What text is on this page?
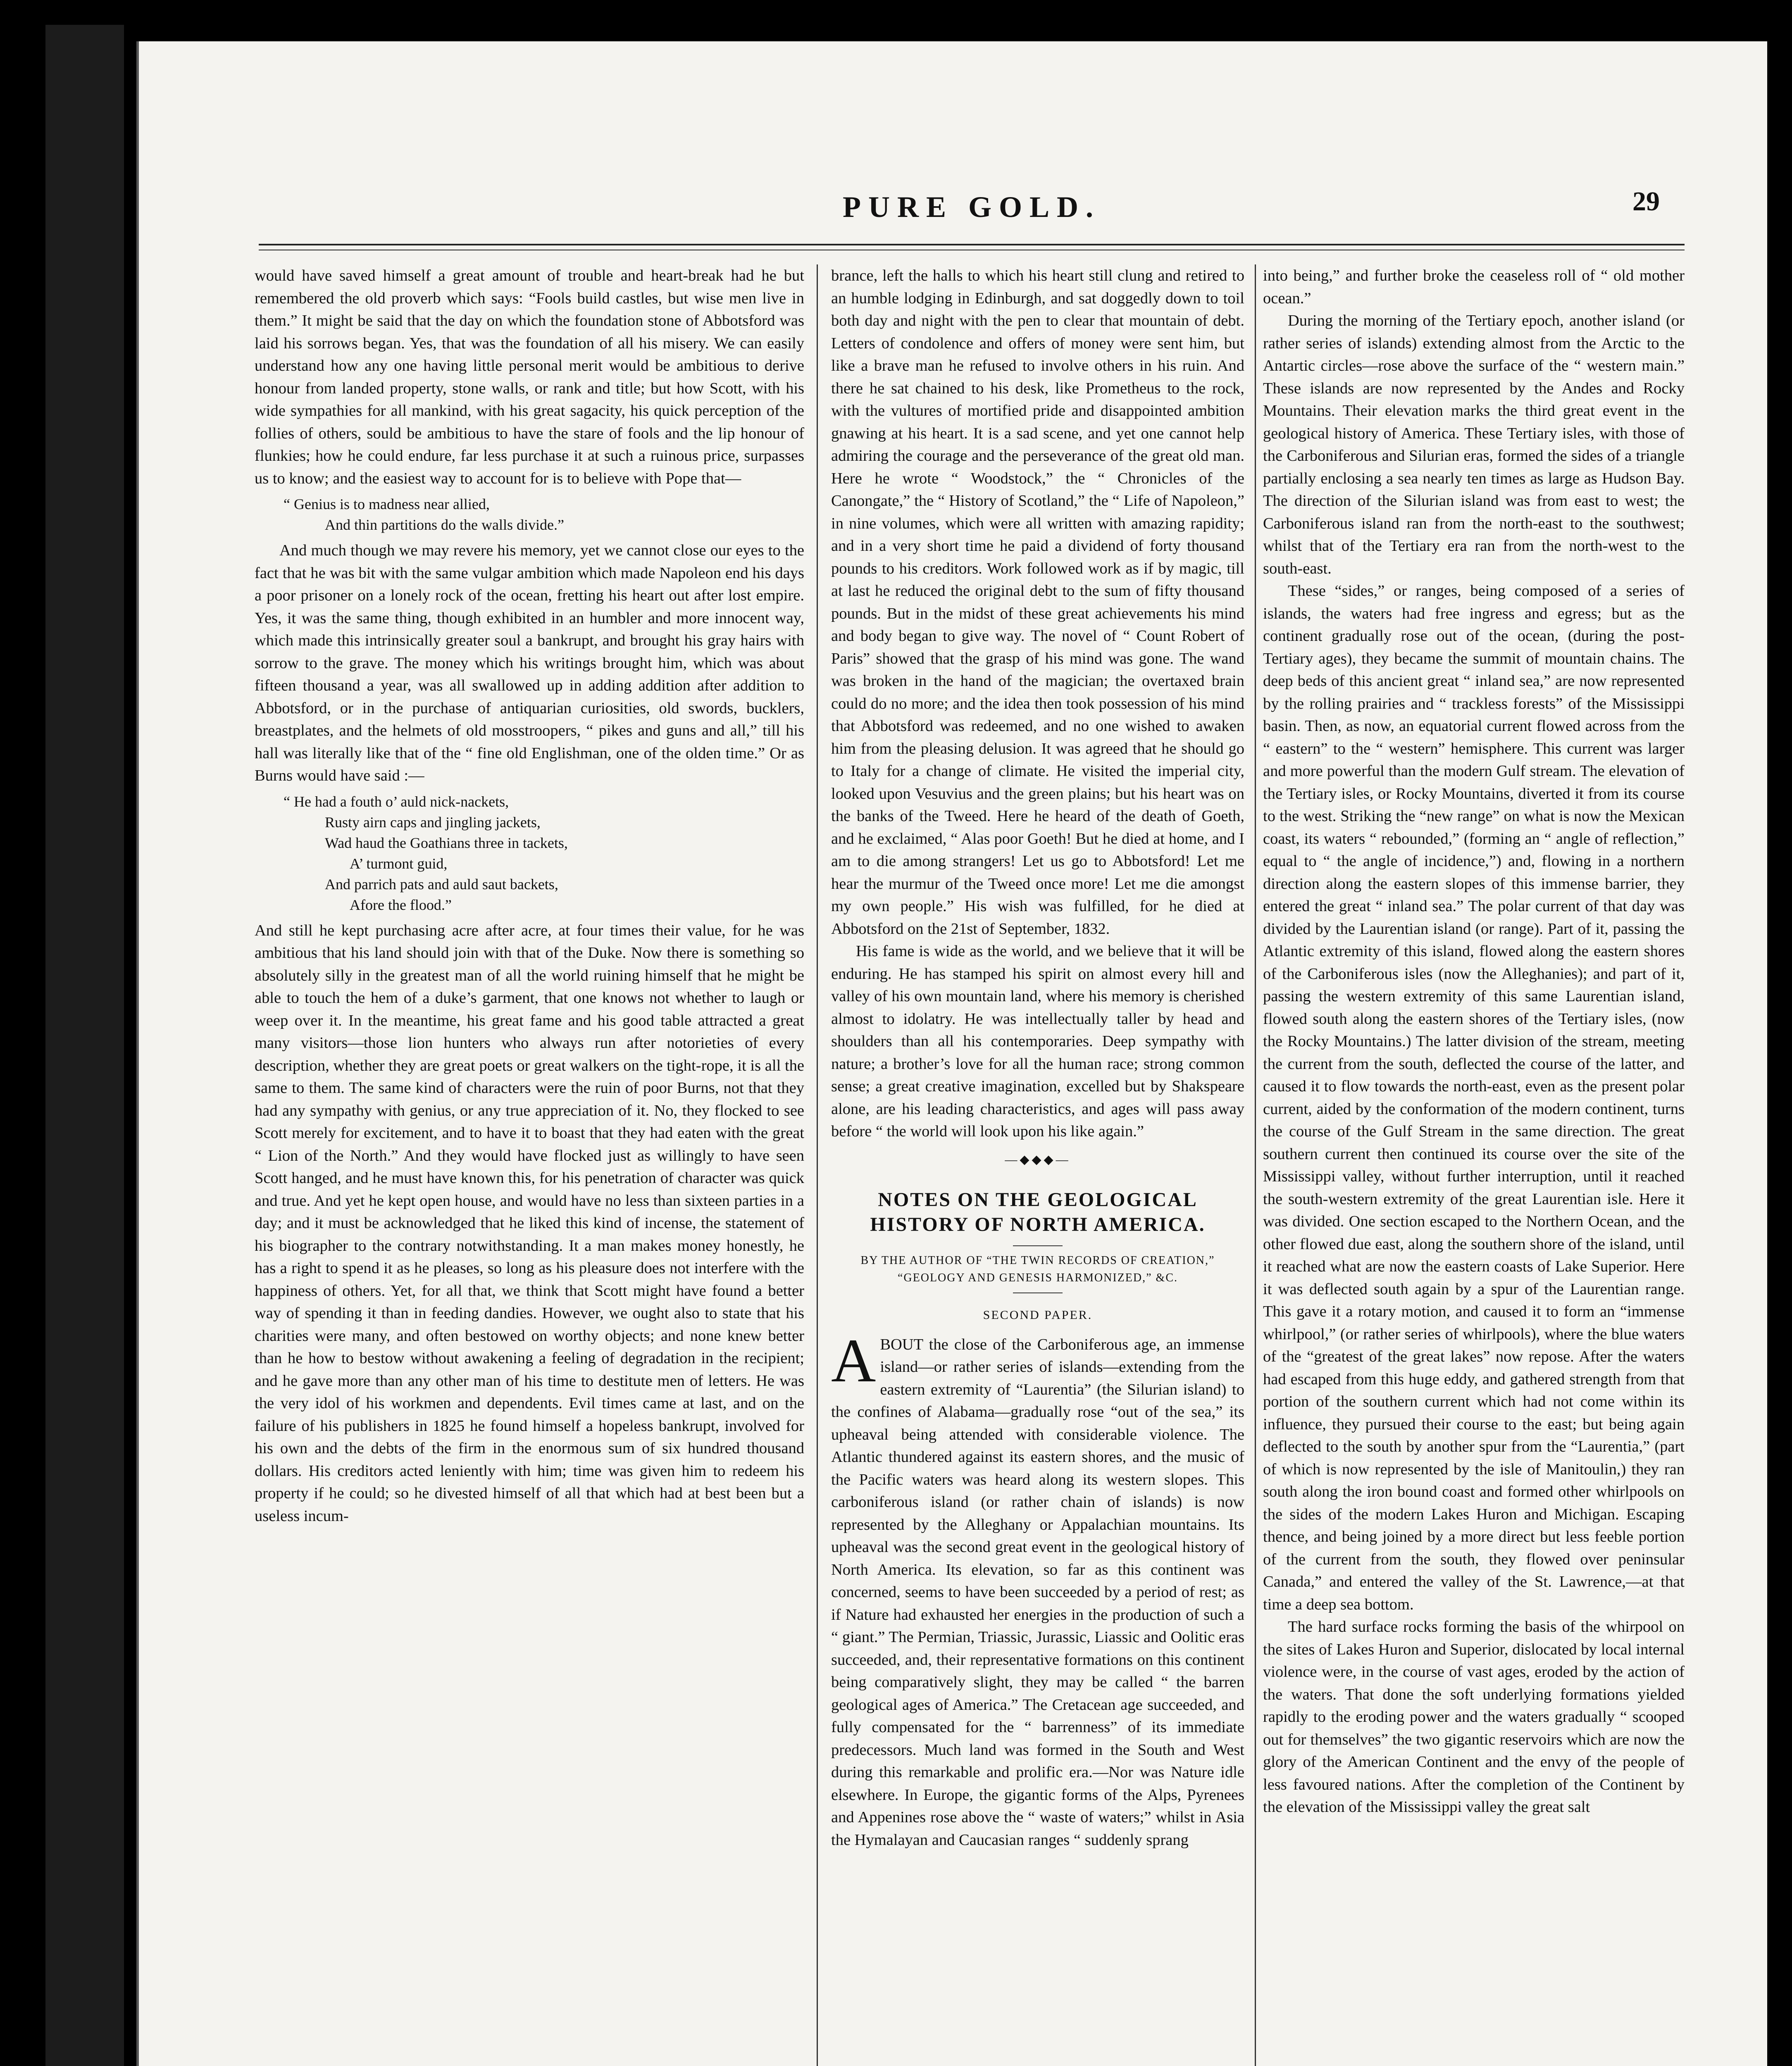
PURE GOLD.	29

would have saved himself a great amount of trouble and heart-break had he but remembered the old proverb which says: “Fools build castles, but wise men live in them.” It might be said that the day on which the foundation stone of Abbotsford was laid his sorrows began. Yes, that was the foundation of all his misery. We can easily understand how any one having little personal merit would be ambitious to derive honour from landed property, stone walls, or rank and title; but how Scott, with his wide sympathies for all mankind, with his great sagacity, his quick perception of the follies of others, sould be ambitious to have the stare of fools and the lip honour of flunkies; how he could endure, far less purchase it at such a ruinous price, surpasses us to know; and the easiest way to account for is to believe with Pope that—

“ Genius is to madness near allied,
And thin partitions do the walls divide.”

And much though we may revere his memory, yet we cannot close our eyes to the fact that he was bit with the same vulgar ambition which made Napoleon end his days a poor prisoner on a lonely rock of the ocean, fretting his heart out after lost empire. Yes, it was the same thing, though exhibited in an humbler and more innocent way, which made this intrinsically greater soul a bankrupt, and brought his gray hairs with sorrow to the grave. The money which his writings brought him, which was about fifteen thousand a year, was all swallowed up in adding addition after addition to Abbotsford, or in the purchase of antiquarian curiosities, old swords, bucklers, breastplates, and the helmets of old mosstroopers, “ pikes and guns and all,” till his hall was literally like that of the “ fine old Englishman, one of the olden time.” Or as Burns would have said :—

“ He had a fouth o’ auld nick-nackets,
Rusty airn caps and jingling jackets,
Wad haud the Goathians three in tackets,
A’ turmont guid,
And parrich pats and auld saut backets,
Afore the flood.”

And still he kept purchasing acre after acre, at four times their value, for he was ambitious that his land should join with that of the Duke. Now there is something so absolutely silly in the greatest man of all the world ruining himself that he might be able to touch the hem of a duke’s garment, that one knows not whether to laugh or weep over it. In the meantime, his great fame and his good table attracted a great many visitors—those lion hunters who always run after notorieties of every description, whether they are great poets or great walkers on the tight-rope, it is all the same to them. The same kind of characters were the ruin of poor Burns, not that they had any sympathy with genius, or any true appreciation of it. No, they flocked to see Scott merely for excitement, and to have it to boast that they had eaten with the great “ Lion of the North.” And they would have flocked just as willingly to have seen Scott hanged, and he must have known this, for his penetration of character was quick and true. And yet he kept open house, and would have no less than sixteen parties in a day; and it must be acknowledged that he liked this kind of incense, the statement of his biographer to the contrary notwithstanding. It a man makes money honestly, he has a right to spend it as he pleases, so long as his pleasure does not interfere with the happiness of others. Yet, for all that, we think that Scott might have found a better way of spending it than in feeding dandies. However, we ought also to state that his charities were many, and often bestowed on worthy objects; and none knew better than he how to bestow without awakening a feeling of degradation in the recipient; and he gave more than any other man of his time to destitute men of letters. He was the very idol of his workmen and dependents. Evil times came at last, and on the failure of his publishers in 1825 he found himself a hopeless bankrupt, involved for his own and the debts of the firm in the enormous sum of six hundred thousand dollars. His creditors acted leniently with him; time was given him to redeem his property if he could; so he divested himself of all that which had at best been but a useless incum-

brance, left the halls to which his heart still clung and retired to an humble lodging in Edinburgh, and sat doggedly down to toil both day and night with the pen to clear that mountain of debt. Letters of condolence and offers of money were sent him, but like a brave man he refused to involve others in his ruin. And there he sat chained to his desk, like Prometheus to the rock, with the vultures of mortified pride and disappointed ambition gnawing at his heart. It is a sad scene, and yet one cannot help admiring the courage and the perseverance of the great old man. Here he wrote “ Woodstock,” the “ Chronicles of the Canongate,” the “ History of Scotland,” the “ Life of Napoleon,” in nine volumes, which were all written with amazing rapidity; and in a very short time he paid a dividend of forty thousand pounds to his creditors. Work followed work as if by magic, till at last he reduced the original debt to the sum of fifty thousand pounds. But in the midst of these great achievements his mind and body began to give way. The novel of “ Count Robert of Paris” showed that the grasp of his mind was gone. The wand was broken in the hand of the magician; the overtaxed brain could do no more; and the idea then took possession of his mind that Abbotsford was redeemed, and no one wished to awaken him from the pleasing delusion. It was agreed that he should go to Italy for a change of climate. He visited the imperial city, looked upon Vesuvius and the green plains; but his heart was on the banks of the Tweed. Here he heard of the death of Goeth, and he exclaimed, “ Alas poor Goeth! But he died at home, and I am to die among strangers! Let us go to Abbotsford! Let me hear the murmur of the Tweed once more! Let me die amongst my own people.” His wish was fulfilled, for he died at Abbotsford on the 21st of September, 1832.

His fame is wide as the world, and we believe that it will be enduring. He has stamped his spirit on almost every hill and valley of his own mountain land, where his memory is cherished almost to idolatry. He was intellectually taller by head and shoulders than all his contemporaries. Deep sympathy with nature; a brother’s love for all the human race; strong common sense; a great creative imagination, excelled but by Shakspeare alone, are his leading characteristics, and ages will pass away before “ the world will look upon his like again.”

—◆◆◆—
NOTES ON THE GEOLOGICAL HISTORY OF NORTH AMERICA.
BY THE AUTHOR OF “THE TWIN RECORDS OF CREATION,” “GEOLOGY AND GENESIS HARMONIZED,” &C.
SECOND PAPER.

ABOUT the close of the Carboniferous age, an immense island—or rather series of islands—extending from the eastern extremity of “Laurentia” (the Silurian island) to the confines of Alabama—gradually rose “out of the sea,” its upheaval being attended with considerable violence. The Atlantic thundered against its eastern shores, and the music of the Pacific waters was heard along its western slopes. This carboniferous island (or rather chain of islands) is now represented by the Alleghany or Appalachian mountains. Its upheaval was the second great event in the geological history of North America. Its elevation, so far as this continent was concerned, seems to have been succeeded by a period of rest; as if Nature had exhausted her energies in the production of such a “ giant.” The Permian, Triassic, Jurassic, Liassic and Oolitic eras succeeded, and, their representative formations on this continent being comparatively slight, they may be called “ the barren geological ages of America.” The Cretacean age succeeded, and fully compensated for the “ barrenness” of its immediate predecessors. Much land was formed in the South and West during this remarkable and prolific era.—Nor was Nature idle elsewhere. In Europe, the gigantic forms of the Alps, Pyrenees and Appenines rose above the “ waste of waters;” whilst in Asia the Hymalayan and Caucasian ranges “ suddenly sprang

into being,” and further broke the ceaseless roll of “ old mother ocean.”

During the morning of the Tertiary epoch, another island (or rather series of islands) extending almost from the Arctic to the Antartic circles—rose above the surface of the “ western main.” These islands are now represented by the Andes and Rocky Mountains. Their elevation marks the third great event in the geological history of America. These Tertiary isles, with those of the Carboniferous and Silurian eras, formed the sides of a triangle partially enclosing a sea nearly ten times as large as Hudson Bay. The direction of the Silurian island was from east to west; the Carboniferous island ran from the north-east to the southwest; whilst that of the Tertiary era ran from the north-west to the south-east.

These “sides,” or ranges, being composed of a series of islands, the waters had free ingress and egress; but as the continent gradually rose out of the ocean, (during the post-Tertiary ages), they became the summit of mountain chains. The deep beds of this ancient great “ inland sea,” are now represented by the rolling prairies and “ trackless forests” of the Mississippi basin. Then, as now, an equatorial current flowed across from the “ eastern” to the “ western” hemisphere. This current was larger and more powerful than the modern Gulf stream. The elevation of the Tertiary isles, or Rocky Mountains, diverted it from its course to the west. Striking the “new range” on what is now the Mexican coast, its waters “ rebounded,” (forming an “ angle of reflection,” equal to “ the angle of incidence,”) and, flowing in a northern direction along the eastern slopes of this immense barrier, they entered the great “ inland sea.” The polar current of that day was divided by the Laurentian island (or range). Part of it, passing the Atlantic extremity of this island, flowed along the eastern shores of the Carboniferous isles (now the Alleghanies); and part of it, passing the western extremity of this same Laurentian island, flowed south along the eastern shores of the Tertiary isles, (now the Rocky Mountains.) The latter division of the stream, meeting the current from the south, deflected the course of the latter, and caused it to flow towards the north-east, even as the present polar current, aided by the conformation of the modern continent, turns the course of the Gulf Stream in the same direction. The great southern current then continued its course over the site of the Mississippi valley, without further interruption, until it reached the south-western extremity of the great Laurentian isle. Here it was divided. One section escaped to the Northern Ocean, and the other flowed due east, along the southern shore of the island, until it reached what are now the eastern coasts of Lake Superior. Here it was deflected south again by a spur of the Laurentian range. This gave it a rotary motion, and caused it to form an “immense whirlpool,” (or rather series of whirlpools), where the blue waters of the “greatest of the great lakes” now repose. After the waters had escaped from this huge eddy, and gathered strength from that portion of the southern current which had not come within its influence, they pursued their course to the east; but being again deflected to the south by another spur from the “Laurentia,” (part of which is now represented by the isle of Manitoulin,) they ran south along the iron bound coast and formed other whirlpools on the sides of the modern Lakes Huron and Michigan. Escaping thence, and being joined by a more direct but less feeble portion of the current from the south, they flowed over peninsular Canada,” and entered the valley of the St. Lawrence,—at that time a deep sea bottom.

The hard surface rocks forming the basis of the whirpool on the sites of Lakes Huron and Superior, dislocated by local internal violence were, in the course of vast ages, eroded by the action of the waters. That done the soft underlying formations yielded rapidly to the eroding power and the waters gradually “ scooped out for themselves” the two gigantic reservoirs which are now the glory of the American Continent and the envy of the people of less favoured nations. After the completion of the Continent by the elevation of the Mississippi valley the great salt
